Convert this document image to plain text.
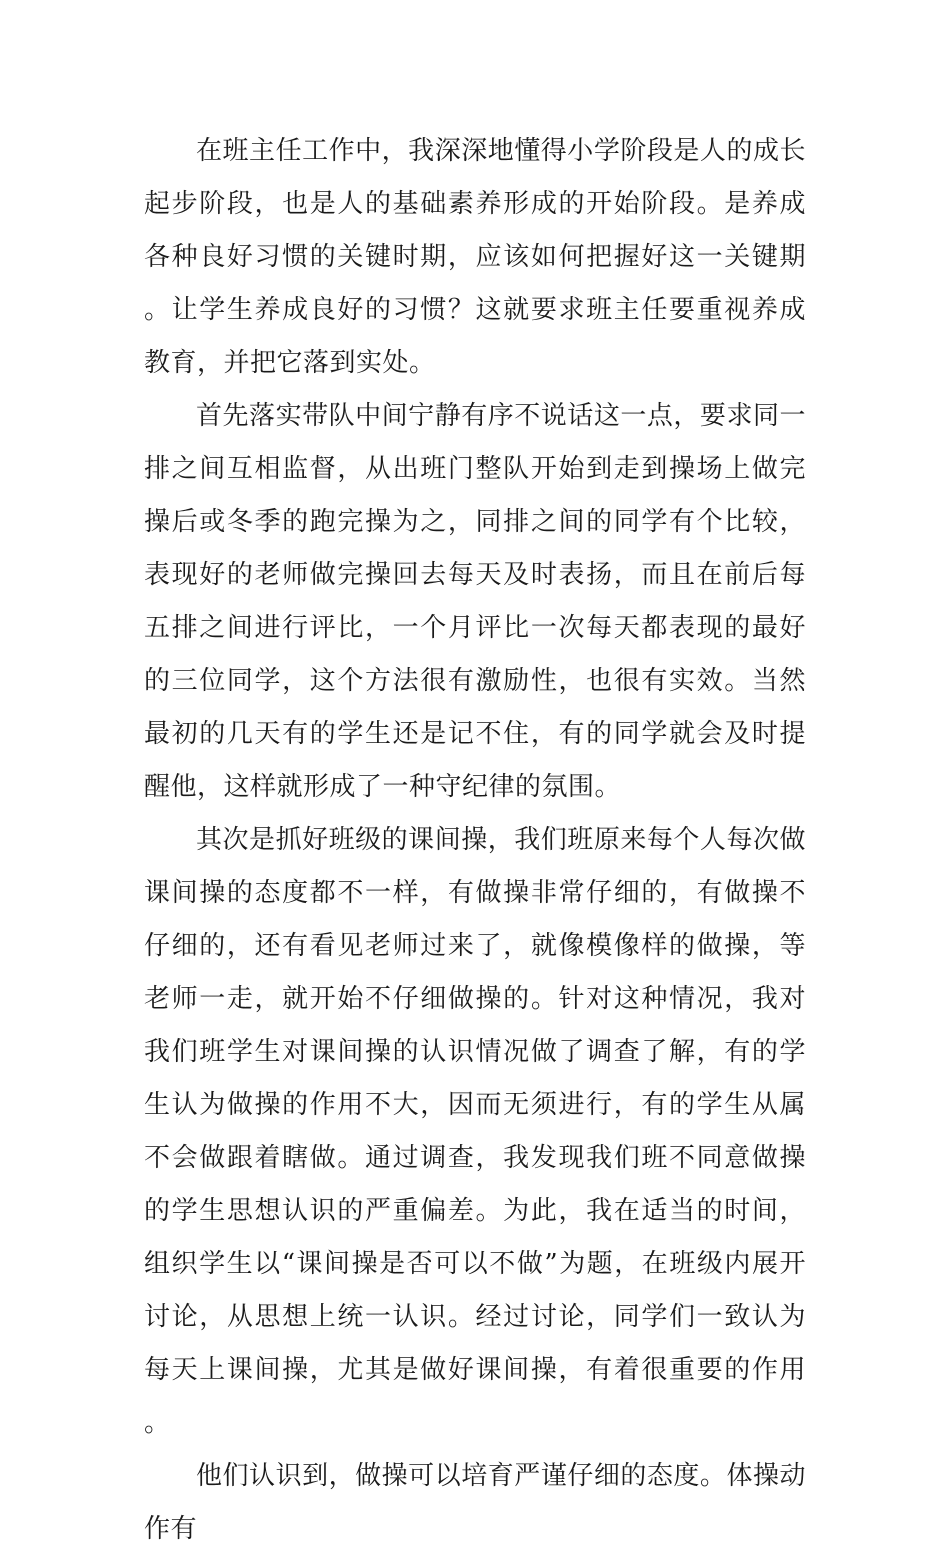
在班主任工作中，我深深地懂得小学阶段是人的成长起步阶段，也是人的基础素养形成的开始阶段。是养成各种良好习惯的关键时期，应该如何把握好这一关键期。让学生养成良好的习惯？这就要求班主任要重视养成教育，并把它落到实处。

首先落实带队中间宁静有序不说话这一点，要求同一排之间互相监督，从出班门整队开始到走到操场上做完操后或冬季的跑完操为之，同排之间的同学有个比较，表现好的老师做完操回去每天及时表扬，而且在前后每五排之间进行评比，一个月评比一次每天都表现的最好的三位同学，这个方法很有激励性，也很有实效。当然最初的几天有的学生还是记不住，有的同学就会及时提醒他，这样就形成了一种守纪律的氛围。

其次是抓好班级的课间操，我们班原来每个人每次做课间操的态度都不一样，有做操非常仔细的，有做操不仔细的，还有看见老师过来了，就像模像样的做操，等老师一走，就开始不仔细做操的。针对这种情况，我对我们班学生对课间操的认识情况做了调查了解，有的学生认为做操的作用不大，因而无须进行，有的学生从属不会做跟着瞎做。通过调查，我发现我们班不同意做操的学生思想认识的严重偏差。为此，我在适当的时间，组织学生以“课间操是否可以不做”为题，在班级内展开讨论，从思想上统一认识。经过讨论，同学们一致认为每天上课间操，尤其是做好课间操，有着很重要的作用。

他们认识到，做操可以培育严谨仔细的态度。体操动作有
